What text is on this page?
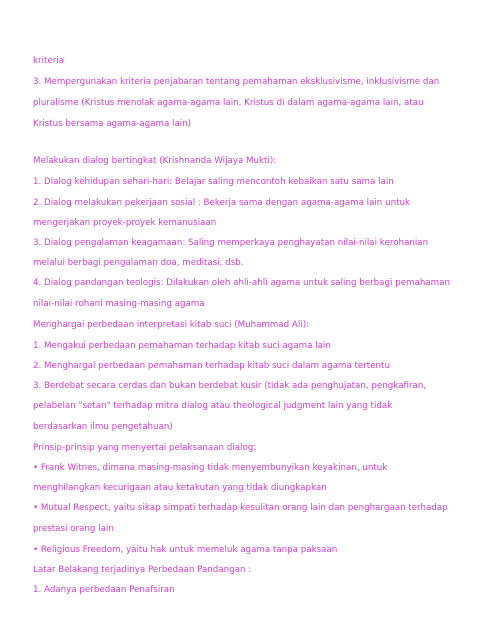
kriteria
3. Mempergunakan kriteria penjabaran tentang pemahaman eksklusivisme, inklusivisme dan
pluralisme (Kristus menolak agama-agama lain, Kristus di dalam agama-agama lain, atau
Kristus bersama agama-agama lain)
Melakukan dialog bertingkat (Krishnanda Wijaya Mukti):
1. Dialog kehidupan sehari-hari: Belajar saling mencontoh kebaikan satu sama lain
2. Dialog melakukan pekerjaan sosial : Bekerja sama dengan agama-agama lain untuk
mengerjakan proyek-proyek kemanusiaan
3. Dialog pengalaman keagamaan: Saling memperkaya penghayatan nilai-nilai kerohanian
melalui berbagi pengalaman doa, meditasi, dsb.
4. Dialog pandangan teologis: Dilakukan oleh ahli-ahli agama untuk saling berbagi pemahaman
nilai-nilai rohani masing-masing agama
Menghargai perbedaan interpretasi kitab suci (Muhammad Ali):
1. Mengakui perbedaan pemahaman terhadap kitab suci agama lain
2. Menghargai perbedaan pemahaman terhadap kitab suci dalam agama tertentu
3. Berdebat secara cerdas dan bukan berdebat kusir (tidak ada penghujatan, pengkafiran,
pelabelan "setan" terhadap mitra dialog atau theological judgment lain yang tidak
berdasarkan ilmu pengetahuan)
Prinsip-prinsip yang menyertai pelaksanaan dialog:
• Frank Witnes, dimana masing-masing tidak menyembunyikan keyakinan, untuk
menghilangkan kecurigaan atau ketakutan yang tidak diungkapkan
• Mutual Respect, yaitu sikap simpati terhadap kesulitan orang lain dan penghargaan terhadap
prestasi orang lain
• Religious Freedom, yaitu hak untuk memeluk agama tanpa paksaan
Latar Belakang terjadinya Perbedaan Pandangan :
1. Adanya perbedaan Penafsiran
